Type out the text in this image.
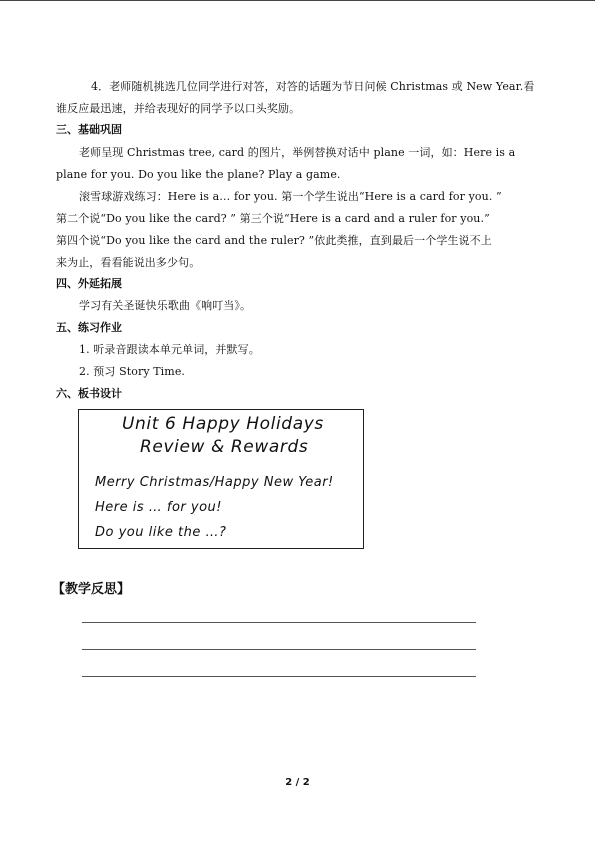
4．老师随机挑选几位同学进行对答，对答的话题为节日问候 Christmas 或 New Year.看
谁反应最迅速，并给表现好的同学予以口头奖励。
三、基础巩固
老师呈现 Christmas tree, card 的图片，举例替换对话中 plane 一词，如：Here is a
plane for you. Do you like the plane? Play a game.
滚雪球游戏练习：Here is a… for you. 第一个学生说出“Here is a card for you. ”
第二个说“Do you like the card? ” 第三个说“Here is a card and a ruler for you.”
第四个说“Do you like the card and the ruler? ”依此类推，直到最后一个学生说不上
来为止，看看能说出多少句。
四、外延拓展
学习有关圣诞快乐歌曲《响叮当》。
五、练习作业
1. 听录音跟读本单元单词，并默写。
2. 预习 Story Time.
六、板书设计
Unit 6 Happy Holidays
Review & Rewards
Merry Christmas/Happy New Year!
Here is … for you!
Do you like the …?
【教学反思】
2 / 2
